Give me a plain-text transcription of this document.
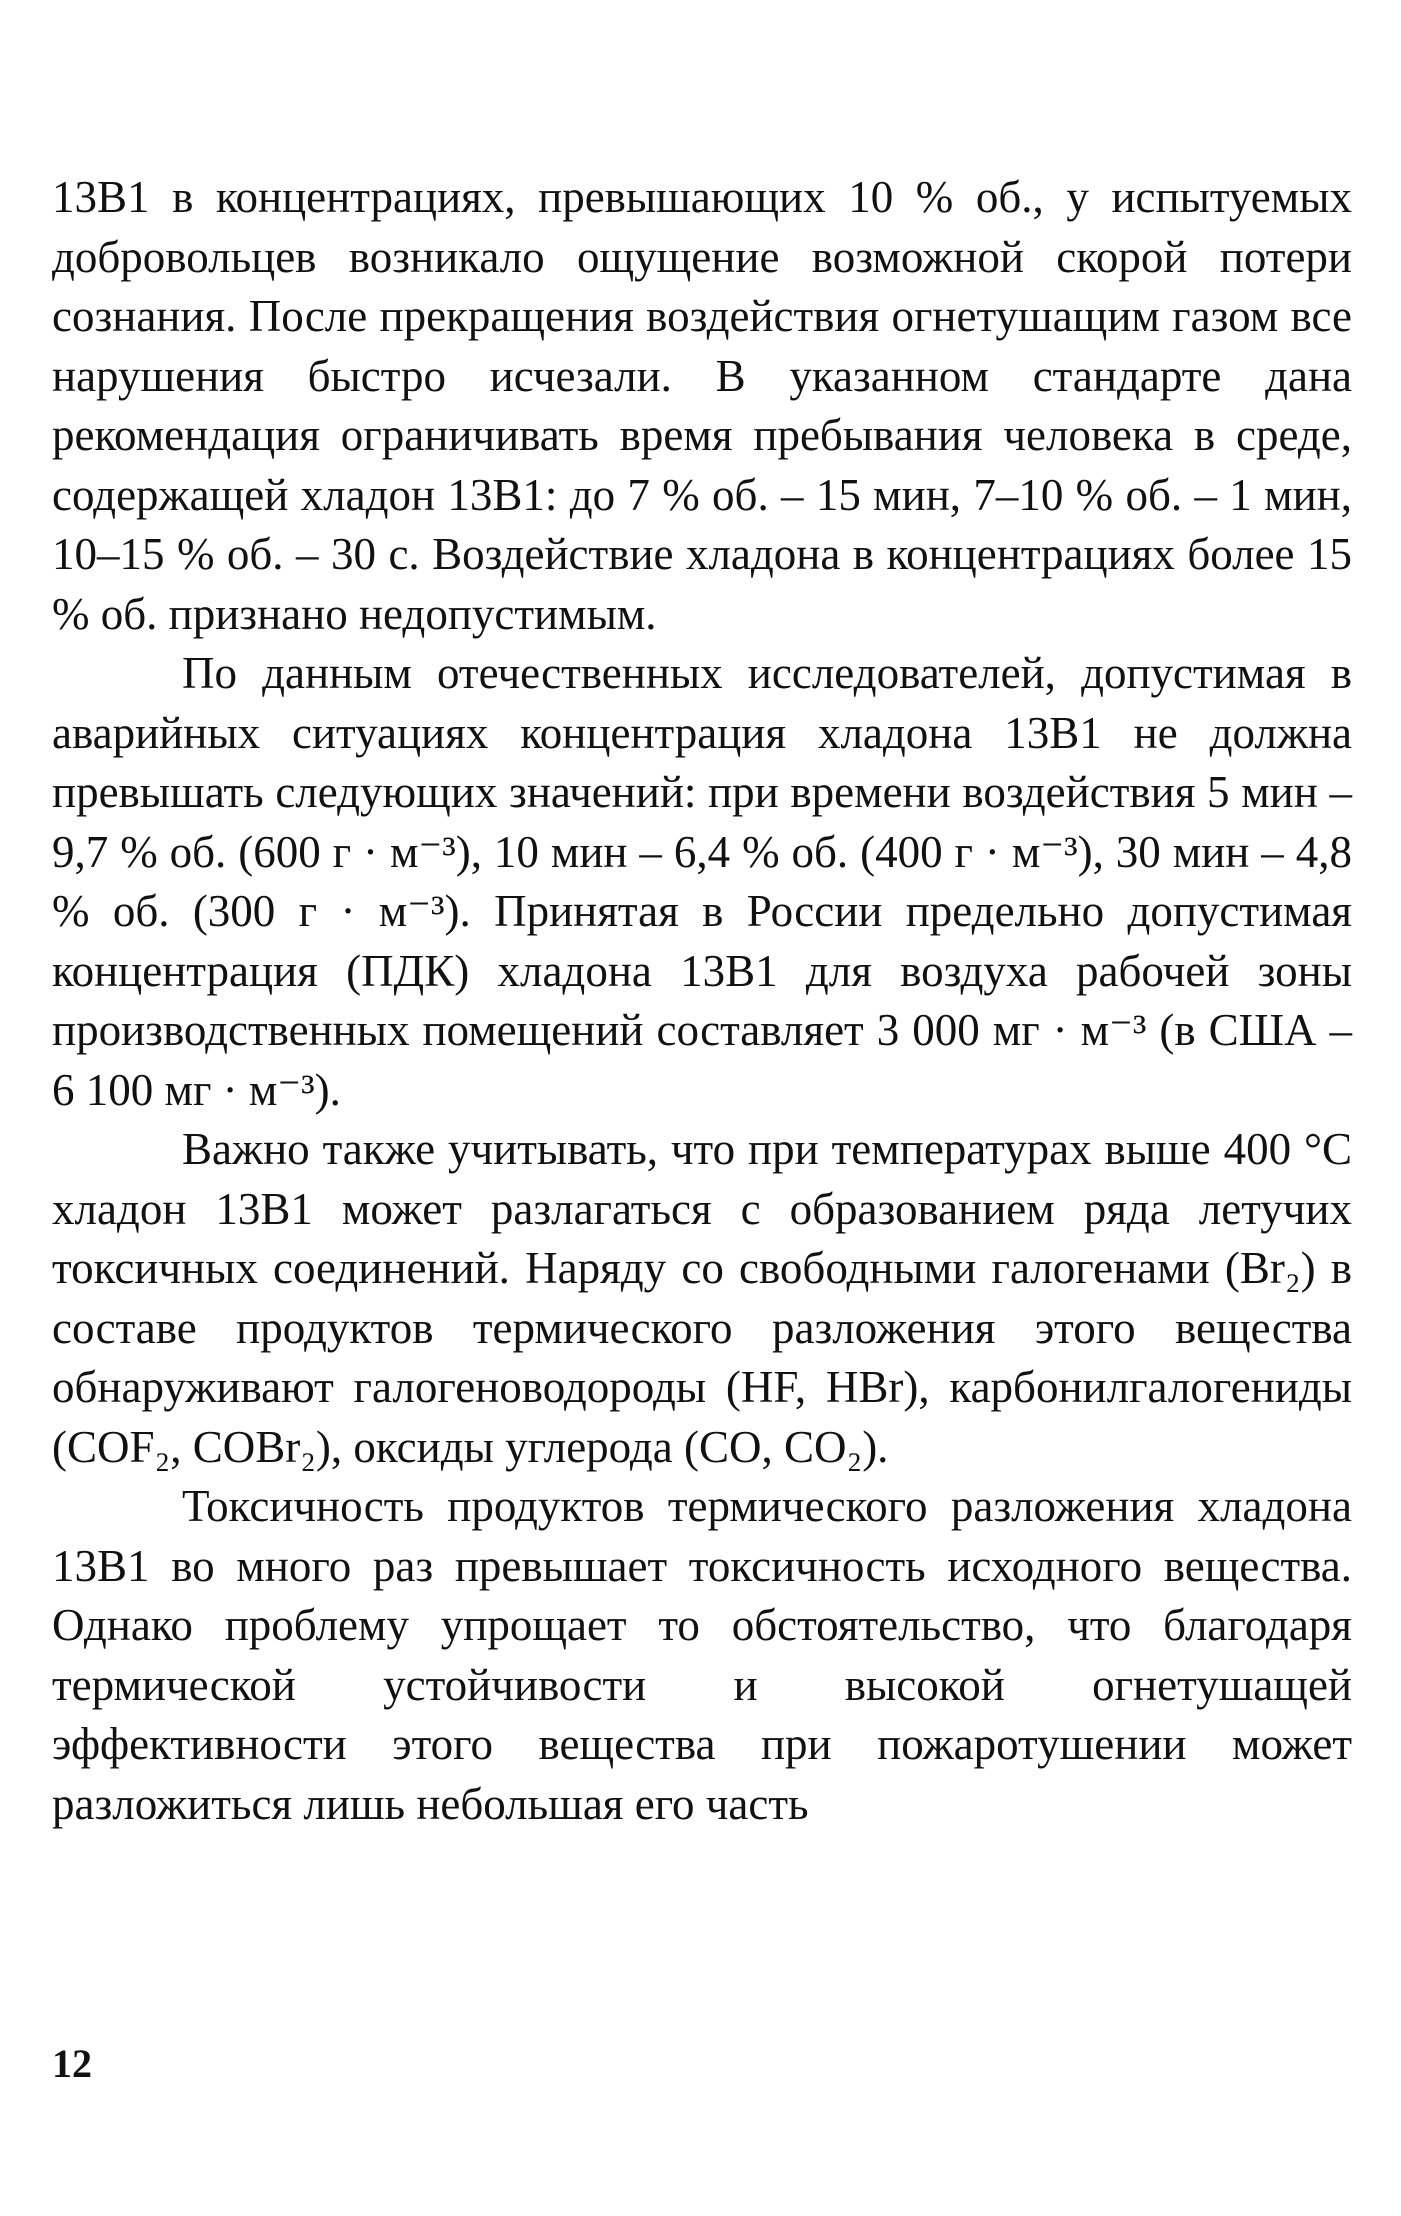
13B1 в концентрациях, превышающих 10 % об., у испытуемых добровольцев возникало ощущение возможной скорой потери сознания. После прекращения воздействия огнетушащим газом все нарушения быстро исчезали. В указанном стандарте дана рекомендация ограничивать время пребывания человека в среде, содержащей хладон 13B1: до 7 % об. – 15 мин, 7–10 % об. – 1 мин, 10–15 % об. – 30 с. Воздействие хладона в концентрациях более 15 % об. признано недопустимым.

По данным отечественных исследователей, допустимая в аварийных ситуациях концентрация хладона 13B1 не должна превышать следующих значений: при времени воздействия 5 мин – 9,7 % об. (600 г · м⁻³), 10 мин – 6,4 % об. (400 г · м⁻³), 30 мин – 4,8 % об. (300 г · м⁻³). Принятая в России предельно допустимая концентрация (ПДК) хладона 13B1 для воздуха рабочей зоны производственных помещений составляет 3 000 мг · м⁻³ (в США – 6 100 мг · м⁻³).

Важно также учитывать, что при температурах выше 400 °C хладон 13B1 может разлагаться с образованием ряда летучих токсичных соединений. Наряду со свободными галогенами (Br₂) в составе продуктов термического разложения этого вещества обнаруживают галогеноводороды (HF, HBr), карбонилгалогениды (COF₂, COBr₂), оксиды углерода (CO, CO₂).

Токсичность продуктов термического разложения хладона 13B1 во много раз превышает токсичность исходного вещества. Однако проблему упрощает то обстоятельство, что благодаря термической устойчивости и высокой огнетушащей эффективности этого вещества при пожаротушении может разложиться лишь небольшая его часть

12
